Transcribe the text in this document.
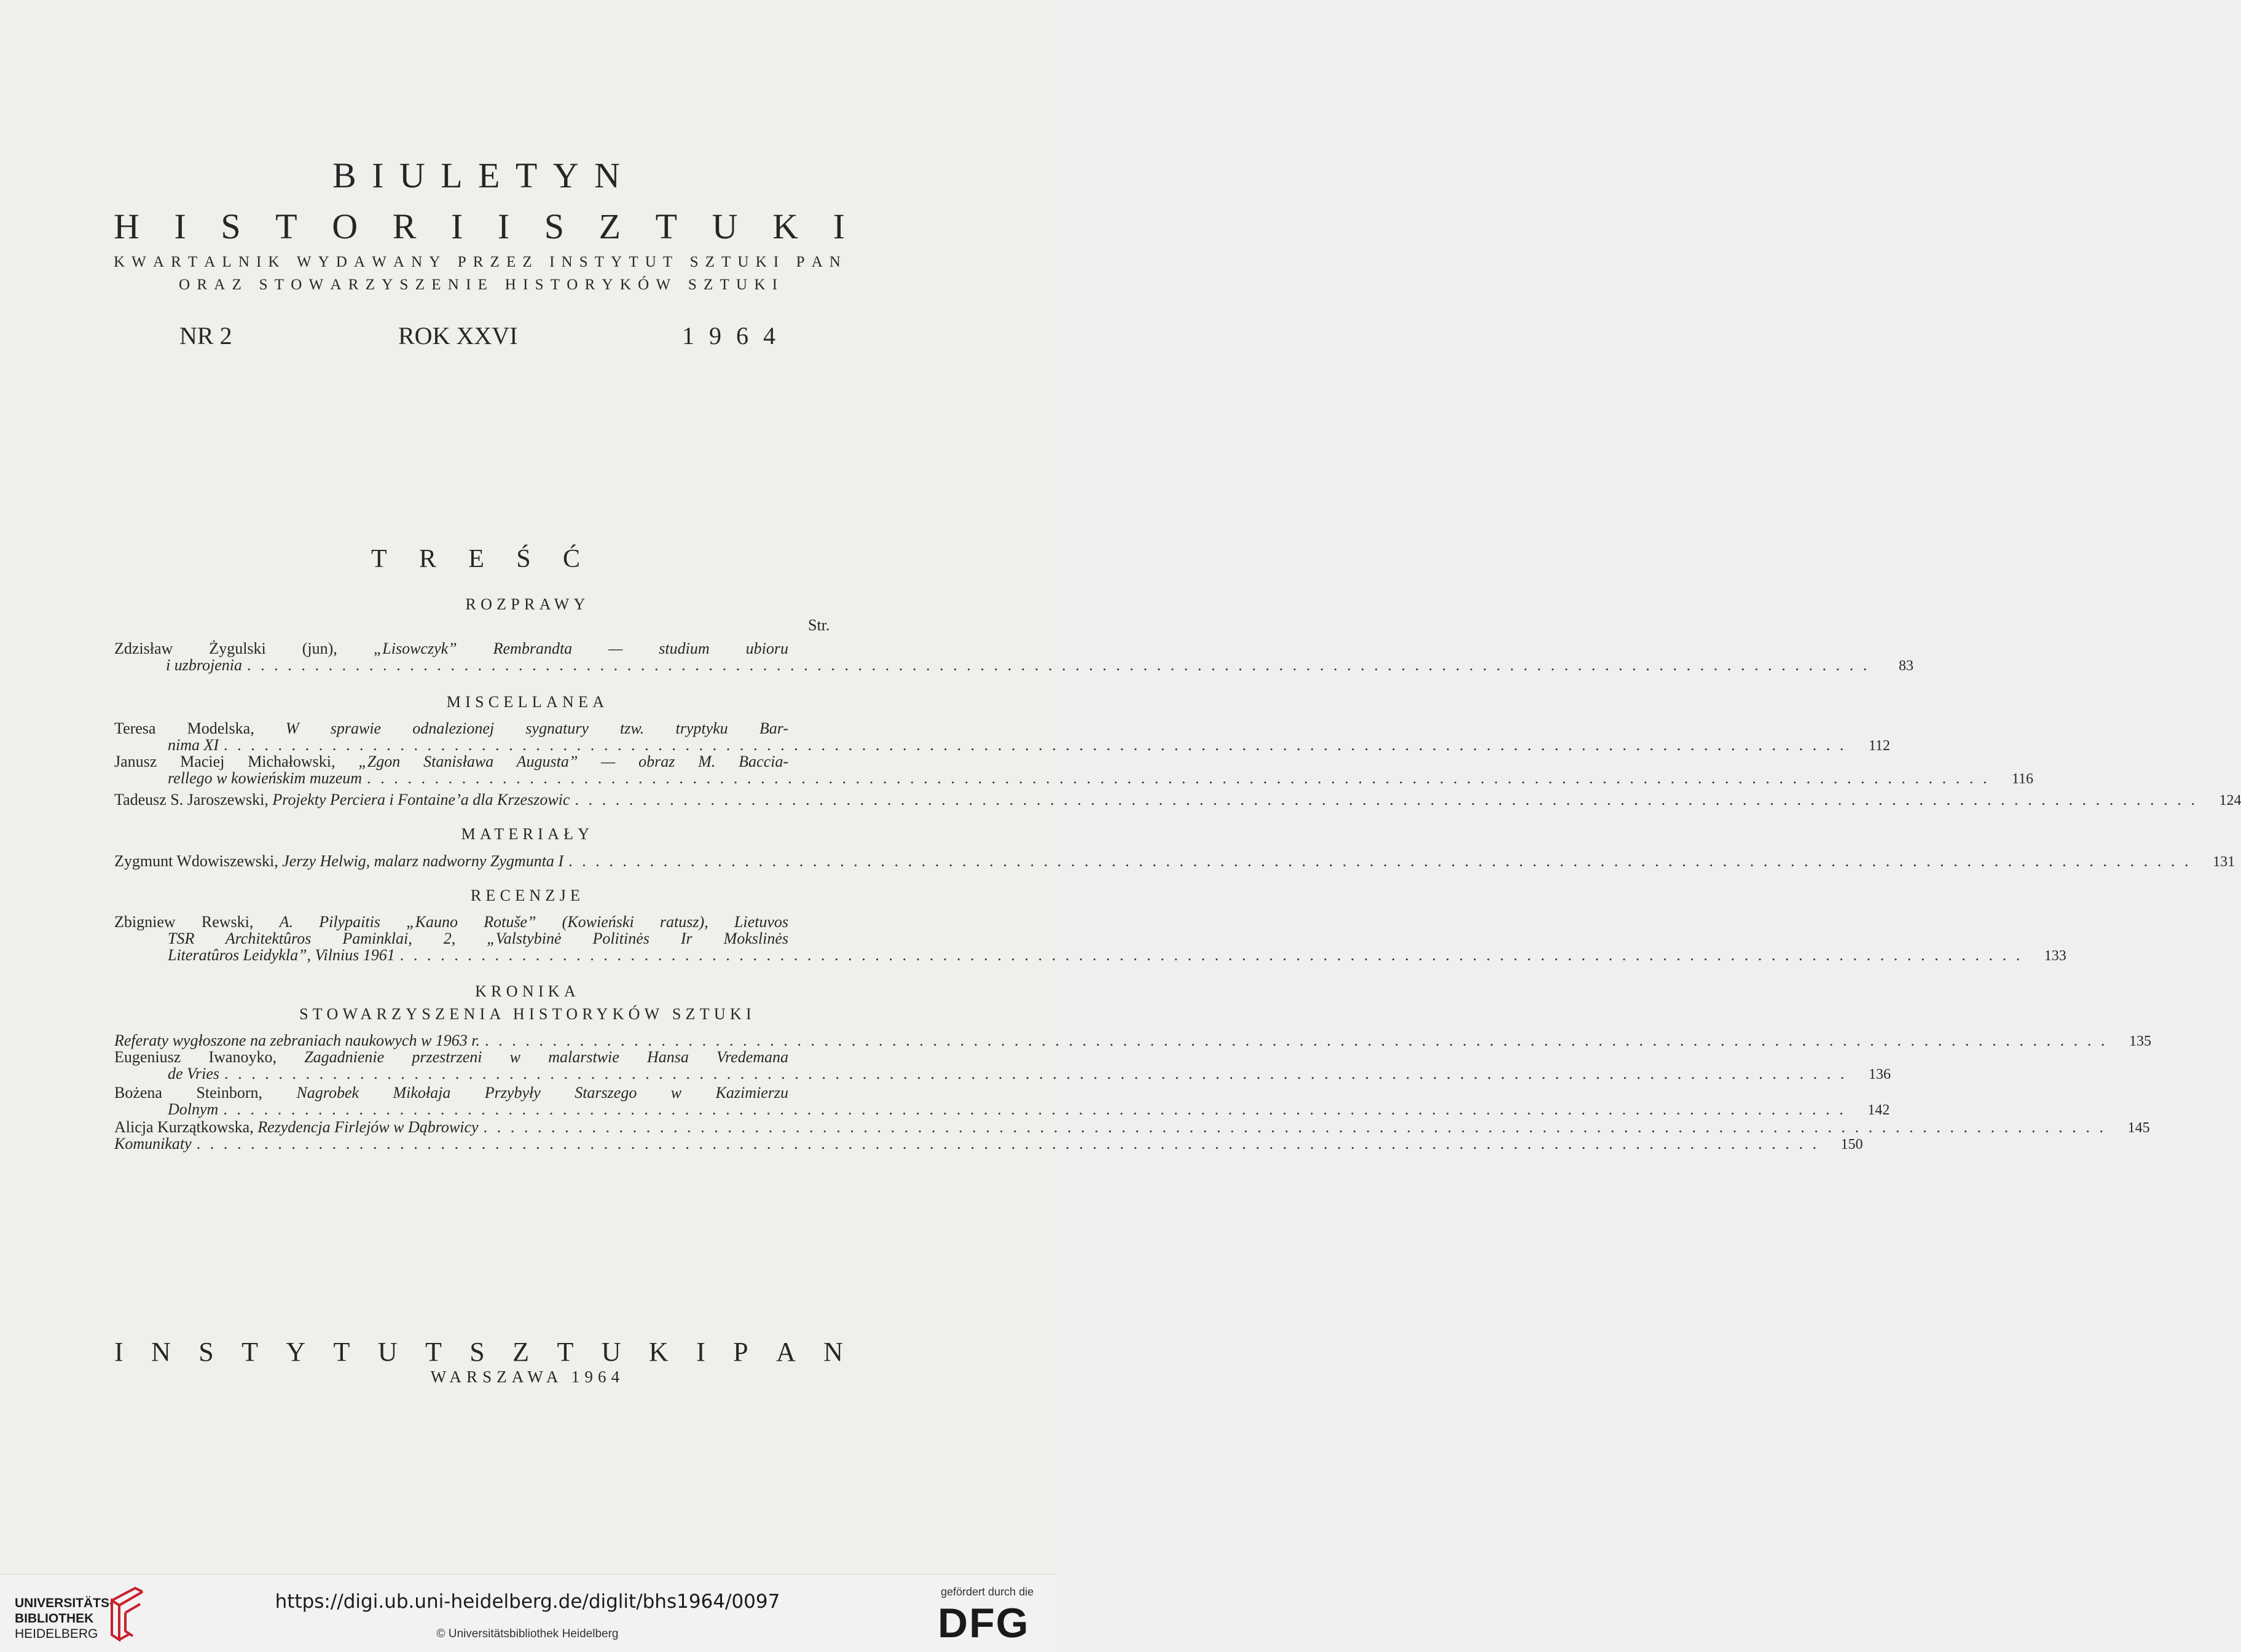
B I U L E T Y N
H I S T O R I I S Z T U K I
K W A R T A L N I K
W Y D A W A N Y
P R Z E Z
I N S T Y T U T
S Z T U K I
P A N
O R A Z
S T O W A R Z Y S Z E N I E
H I S T O R Y K Ó W
S Z T U K I
NR 2	ROK XXVI	1 9 6 4
T R E Ś Ć
ROZPRAWY
Str.
Zdzisław Żygulski (jun), „Lisowczyk” Rembrandta — studium ubioru
i uzbrojenia ........................................................................................................................	83
MISCELLANEA
Teresa Modelska, W sprawie odnalezionej sygnatury tzw. tryptyku Bar-
nima XI ........................................................................................................................	112
Janusz Maciej Michałowski, „Zgon Stanisława Augusta” — obraz M. Baccia-
rellego w kowieńskim muzeum ........................................................................................................................	116
Tadeusz S. Jaroszewski, Projekty Perciera i Fontaine’a dla Krzeszowic ........................................................................................................................	124
MATERIAŁY
Zygmunt Wdowiszewski, Jerzy Helwig, malarz nadworny Zygmunta I ........................................................................................................................	131
RECENZJE
Zbigniew Rewski, A. Pilypaitis „Kauno Rotuše” (Kowieński ratusz), Lietuvos
TSR Architektûros Paminklai, 2, „Valstybinė Politinės Ir Mokslinės
Literatûros Leidykla”, Vilnius 1961 ........................................................................................................................	133
KRONIKA
STOWARZYSZENIA HISTORYKÓW SZTUKI
Referaty wygłoszone na zebraniach naukowych w 1963 r. ........................................................................................................................	135
Eugeniusz Iwanoyko, Zagadnienie przestrzeni w malarstwie Hansa Vredemana
de Vries ........................................................................................................................	136
Bożena Steinborn, Nagrobek Mikołaja Przybyły Starszego w Kazimierzu
Dolnym ........................................................................................................................	142
Alicja Kurzątkowska, Rezydencja Firlejów w Dąbrowicy ........................................................................................................................	145
Komunikaty ........................................................................................................................	150
I N S T Y T U T S Z T U K I P A N
WARSZAWA 1964
UNIVERSITÄTS-
BIBLIOTHEK
HEIDELBERG
https://digi.ub.uni-heidelberg.de/diglit/bhs1964/0097
© Universitätsbibliothek Heidelberg
gefördert durch die
DFG
